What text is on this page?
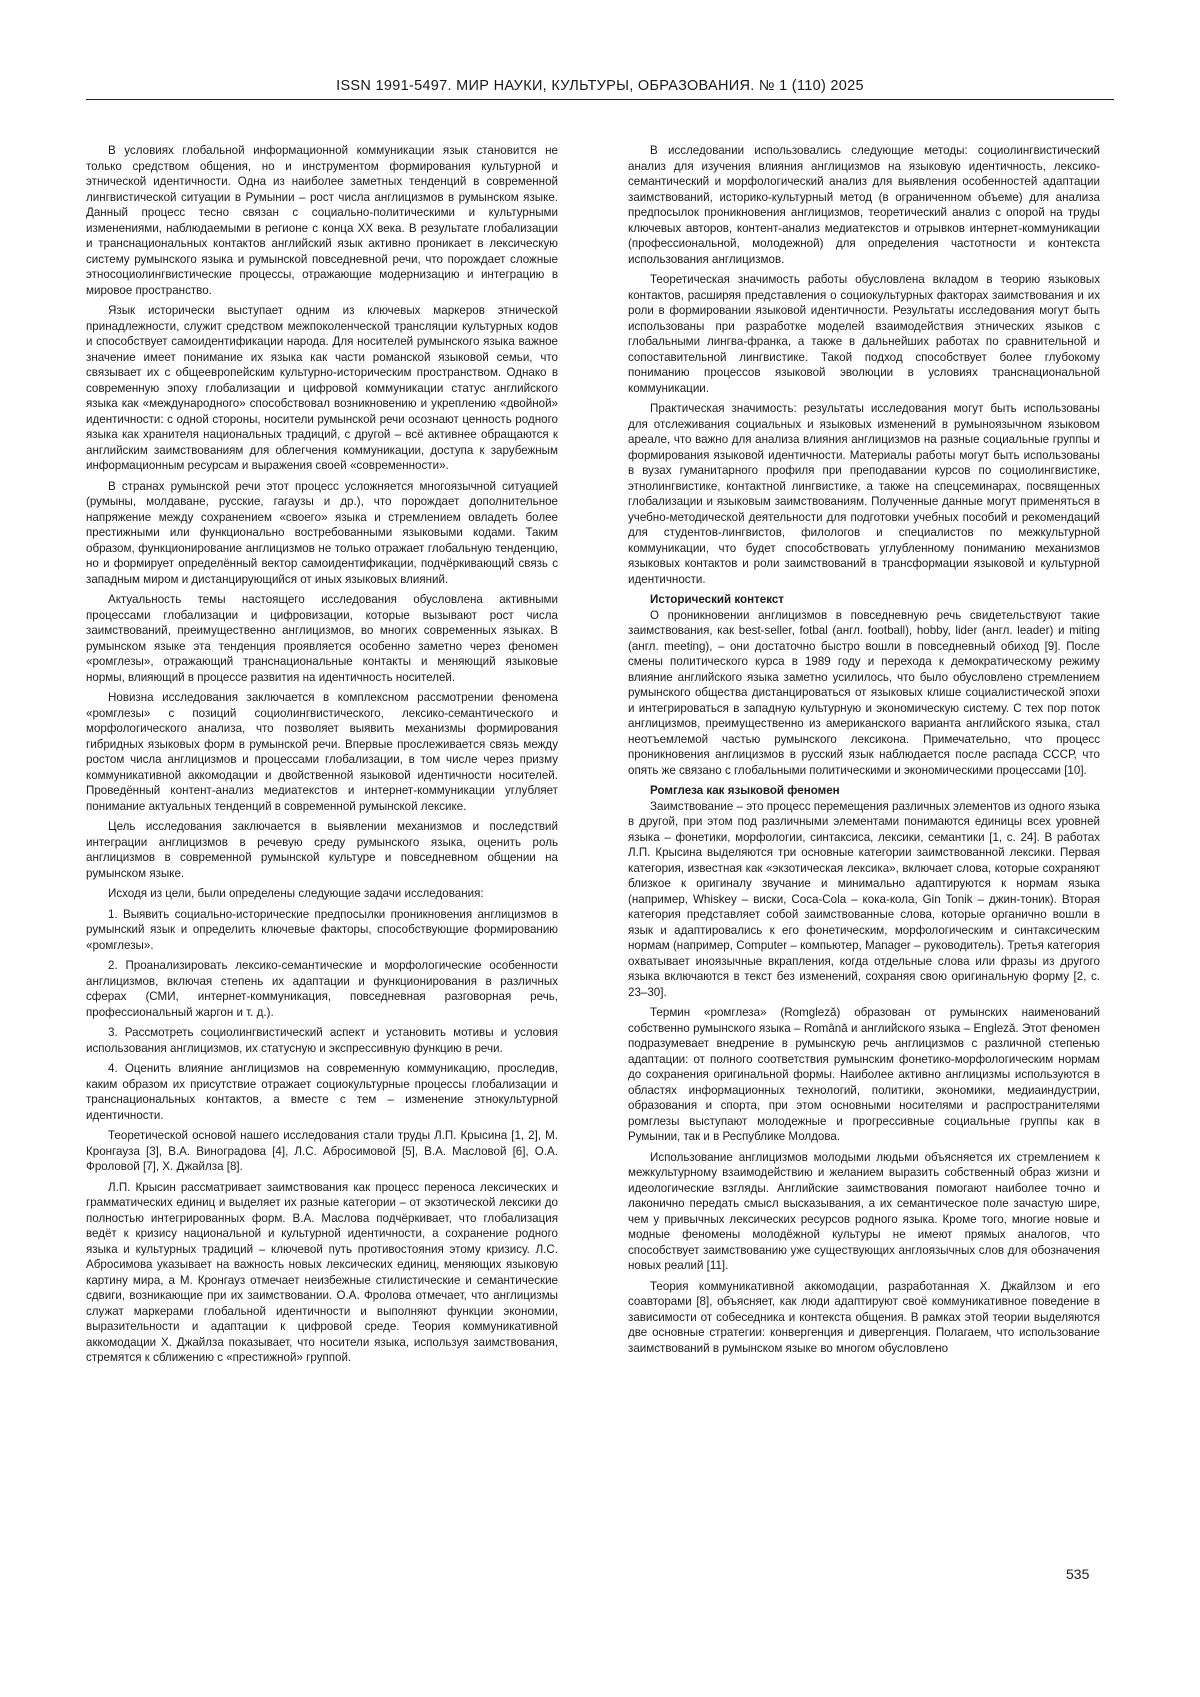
ISSN 1991-5497. МИР НАУКИ, КУЛЬТУРЫ, ОБРАЗОВАНИЯ. № 1 (110) 2025

В условиях глобальной информационной коммуникации язык становится не только средством общения, но и инструментом формирования культурной и этнической идентичности. Одна из наиболее заметных тенденций в современной лингвистической ситуации в Румынии – рост числа англицизмов в румынском языке. Данный процесс тесно связан с социально-политическими и культурными изменениями, наблюдаемыми в регионе с конца XX века. В результате глобализации и транснациональных контактов английский язык активно проникает в лексическую систему румынского языка и румынской повседневной речи, что порождает сложные этносоциолингвистические процессы, отражающие модернизацию и интеграцию в мировое пространство.

Язык исторически выступает одним из ключевых маркеров этнической принадлежности, служит средством межпоколенческой трансляции культурных кодов и способствует самоидентификации народа. Для носителей румынского языка важное значение имеет понимание их языка как части романской языковой семьи, что связывает их с общеевропейским культурно-историческим пространством. Однако в современную эпоху глобализации и цифровой коммуникации статус английского языка как «международного» способствовал возникновению и укреплению «двойной» идентичности: с одной стороны, носители румынской речи осознают ценность родного языка как хранителя национальных традиций, с другой – всё активнее обращаются к английским заимствованиям для облегчения коммуникации, доступа к зарубежным информационным ресурсам и выражения своей «современности».

В странах румынской речи этот процесс усложняется многоязычной ситуацией (румыны, молдаване, русские, гагаузы и др.), что порождает дополнительное напряжение между сохранением «своего» языка и стремлением овладеть более престижными или функционально востребованными языковыми кодами. Таким образом, функционирование англицизмов не только отражает глобальную тенденцию, но и формирует определённый вектор самоидентификации, подчёркивающий связь с западным миром и дистанцирующийся от иных языковых влияний.

Актуальность темы настоящего исследования обусловлена активными процессами глобализации и цифровизации, которые вызывают рост числа заимствований, преимущественно англицизмов, во многих современных языках. В румынском языке эта тенденция проявляется особенно заметно через феномен «ромглезы», отражающий транснациональные контакты и меняющий языковые нормы, влияющий в процессе развития на идентичность носителей.

Новизна исследования заключается в комплексном рассмотрении феномена «ромглезы» с позиций социолингвистического, лексико-семантического и морфологического анализа, что позволяет выявить механизмы формирования гибридных языковых форм в румынской речи. Впервые прослеживается связь между ростом числа англицизмов и процессами глобализации, в том числе через призму коммуникативной аккомодации и двойственной языковой идентичности носителей. Проведённый контент-анализ медиатекстов и интернет-коммуникации углубляет понимание актуальных тенденций в современной румынской лексике.

Цель исследования заключается в выявлении механизмов и последствий интеграции англицизмов в речевую среду румынского языка, оценить роль англицизмов в современной румынской культуре и повседневном общении на румынском языке.

Исходя из цели, были определены следующие задачи исследования:

1. Выявить социально-исторические предпосылки проникновения англицизмов в румынский язык и определить ключевые факторы, способствующие формированию «ромглезы».

2. Проанализировать лексико-семантические и морфологические особенности англицизмов, включая степень их адаптации и функционирования в различных сферах (СМИ, интернет-коммуникация, повседневная разговорная речь, профессиональный жаргон и т. д.).

3. Рассмотреть социолингвистический аспект и установить мотивы и условия использования англицизмов, их статусную и экспрессивную функцию в речи.

4. Оценить влияние англицизмов на современную коммуникацию, проследив, каким образом их присутствие отражает социокультурные процессы глобализации и транснациональных контактов, а вместе с тем – изменение этнокультурной идентичности.

Теоретической основой нашего исследования стали труды Л.П. Крысина [1, 2], М. Кронгауза [3], В.А. Виноградова [4], Л.С. Абросимовой [5], В.А. Масловой [6], О.А. Фроловой [7], Х. Джайлза [8].

Л.П. Крысин рассматривает заимствования как процесс переноса лексических и грамматических единиц и выделяет их разные категории – от экзотической лексики до полностью интегрированных форм. В.А. Маслова подчёркивает, что глобализация ведёт к кризису национальной и культурной идентичности, а сохранение родного языка и культурных традиций – ключевой путь противостояния этому кризису. Л.С. Абросимова указывает на важность новых лексических единиц, меняющих языковую картину мира, а М. Кронгауз отмечает неизбежные стилистические и семантические сдвиги, возникающие при их заимствовании. О.А. Фролова отмечает, что англицизмы служат маркерами глобальной идентичности и выполняют функции экономии, выразительности и адаптации к цифровой среде. Теория коммуникативной аккомодации Х. Джайлза показывает, что носители языка, используя заимствования, стремятся к сближению с «престижной» группой.

В исследовании использовались следующие методы: социолингвистический анализ для изучения влияния англицизмов на языковую идентичность, лексико-семантический и морфологический анализ для выявления особенностей адаптации заимствований, историко-культурный метод (в ограниченном объеме) для анализа предпосылок проникновения англицизмов, теоретический анализ с опорой на труды ключевых авторов, контент-анализ медиатекстов и отрывков интернет-коммуникации (профессиональной, молодежной) для определения частотности и контекста использования англицизмов.

Теоретическая значимость работы обусловлена вкладом в теорию языковых контактов, расширяя представления о социокультурных факторах заимствования и их роли в формировании языковой идентичности. Результаты исследования могут быть использованы при разработке моделей взаимодействия этнических языков с глобальными лингва-франка, а также в дальнейших работах по сравнительной и сопоставительной лингвистике. Такой подход способствует более глубокому пониманию процессов языковой эволюции в условиях транснациональной коммуникации.

Практическая значимость: результаты исследования могут быть использованы для отслеживания социальных и языковых изменений в румыноязычном языковом ареале, что важно для анализа влияния англицизмов на разные социальные группы и формирования языковой идентичности. Материалы работы могут быть использованы в вузах гуманитарного профиля при преподавании курсов по социолингвистике, этнолингвистике, контактной лингвистике, а также на спецсеминарах, посвященных глобализации и языковым заимствованиям. Полученные данные могут применяться в учебно-методической деятельности для подготовки учебных пособий и рекомендаций для студентов-лингвистов, филологов и специалистов по межкультурной коммуникации, что будет способствовать углубленному пониманию механизмов языковых контактов и роли заимствований в трансформации языковой и культурной идентичности.

Исторический контекст

О проникновении англицизмов в повседневную речь свидетельствуют такие заимствования, как best-seller, fotbal (англ. football), hobby, lider (англ. leader) и miting (англ. meeting), – они достаточно быстро вошли в повседневный обиход [9]. После смены политического курса в 1989 году и перехода к демократическому режиму влияние английского языка заметно усилилось, что было обусловлено стремлением румынского общества дистанцироваться от языковых клише социалистической эпохи и интегрироваться в западную культурную и экономическую систему. С тех пор поток англицизмов, преимущественно из американского варианта английского языка, стал неотъемлемой частью румынского лексикона. Примечательно, что процесс проникновения англицизмов в русский язык наблюдается после распада СССР, что опять же связано с глобальными политическими и экономическими процессами [10].

Ромглеза как языковой феномен

Заимствование – это процесс перемещения различных элементов из одного языка в другой, при этом под различными элементами понимаются единицы всех уровней языка – фонетики, морфологии, синтаксиса, лексики, семантики [1, с. 24]. В работах Л.П. Крысина выделяются три основные категории заимствованной лексики. Первая категория, известная как «экзотическая лексика», включает слова, которые сохраняют близкое к оригиналу звучание и минимально адаптируются к нормам языка (например, Whiskey – виски, Coca-Cola – кока-кола, Gin Tonik – джин-тоник). Вторая категория представляет собой заимствованные слова, которые органично вошли в язык и адаптировались к его фонетическим, морфологическим и синтаксическим нормам (например, Computer – компьютер, Manager – руководитель). Третья категория охватывает иноязычные вкрапления, когда отдельные слова или фразы из другого языка включаются в текст без изменений, сохраняя свою оригинальную форму [2, с. 23–30].

Термин «ромглеза» (Romgleză) образован от румынских наименований собственно румынского языка – Română и английского языка – Engleză. Этот феномен подразумевает внедрение в румынскую речь англицизмов с различной степенью адаптации: от полного соответствия румынским фонетико-морфологическим нормам до сохранения оригинальной формы. Наиболее активно англицизмы используются в областях информационных технологий, политики, экономики, медиаиндустрии, образования и спорта, при этом основными носителями и распространителями ромглезы выступают молодежные и прогрессивные социальные группы как в Румынии, так и в Республике Молдова.

Использование англицизмов молодыми людьми объясняется их стремлением к межкультурному взаимодействию и желанием выразить собственный образ жизни и идеологические взгляды. Английские заимствования помогают наиболее точно и лаконично передать смысл высказывания, а их семантическое поле зачастую шире, чем у привычных лексических ресурсов родного языка. Кроме того, многие новые и модные феномены молодёжной культуры не имеют прямых аналогов, что способствует заимствованию уже существующих англоязычных слов для обозначения новых реалий [11].

Теория коммуникативной аккомодации, разработанная Х. Джайлзом и его соавторами [8], объясняет, как люди адаптируют своё коммуникативное поведение в зависимости от собеседника и контекста общения. В рамках этой теории выделяются две основные стратегии: конвергенция и дивергенция. Полагаем, что использование заимствований в румынском языке во многом обусловлено

535
